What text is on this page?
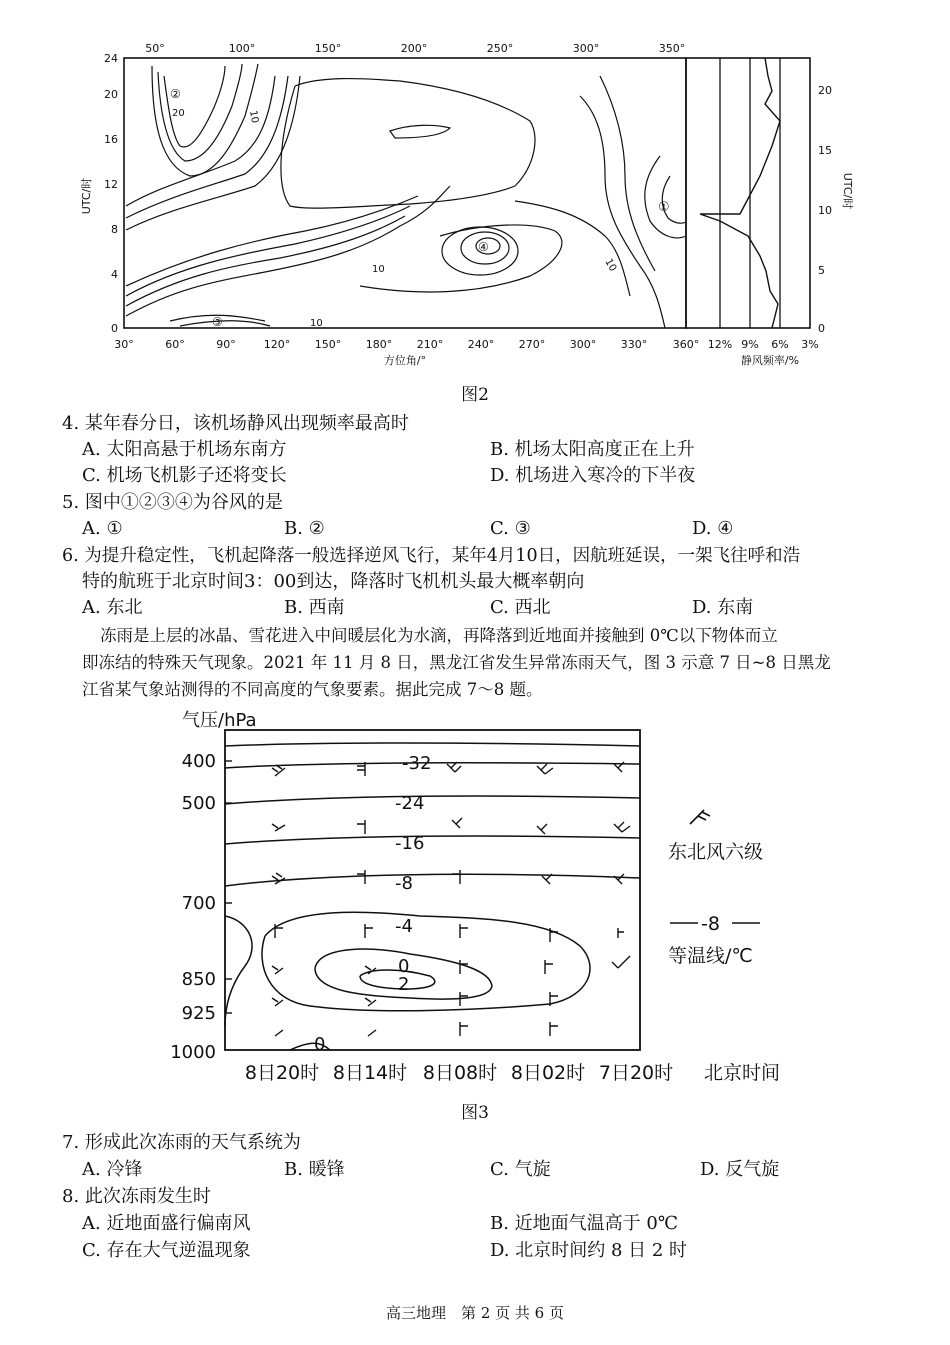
20	10
10	10
10
②
①
③
④
50°	100°	150°	200°	250°	300°	350°
30°	60°	90°	120° 150° 180° 210° 240° 270° 300° 330° 360°
24
20
16
12
8
4
0
UTC/时
20
15
10
5
0
UTC/时
12% 9% 6% 3%
方位角/°	静风频率/%
图2
4. 某年春分日，该机场静风出现频率最高时
A. 太阳高悬于机场东南方	B. 机场太阳高度正在上升
C. 机场飞机影子还将变长	D. 机场进入寒冷的下半夜
5. 图中①②③④为谷风的是
A. ①	B. ②	C. ③	D. ④
6. 为提升稳定性，飞机起降落一般选择逆风飞行，某年4月10日，因航班延误，一架飞往呼和浩
特的航班于北京时间3：00到达，降落时飞机机头最大概率朝向
A. 东北	B. 西南	C. 西北	D. 东南
冻雨是上层的冰晶、雪花进入中间暖层化为水滴，再降落到近地面并接触到 0℃以下物体而立
即冻结的特殊天气现象。2021 年 11 月 8 日，黑龙江省发生异常冻雨天气，图 3 示意 7 日~8 日黑龙
江省某气象站测得的不同高度的气象要素。据此完成 7～8 题。
气压/hPa
400
500
700
850
925
1000
-32
-24
-16
-8
-4
0
2
0
8日20时 8日14时 8日08时 8日02时 7日20时 北京时间
东北风六级
-8
等温线/℃
图3
7. 形成此次冻雨的天气系统为
A. 冷锋	B. 暖锋	C. 气旋	D. 反气旋
8. 此次冻雨发生时
A. 近地面盛行偏南风	B. 近地面气温高于 0℃
C. 存在大气逆温现象	D. 北京时间约 8 日 2 时
高三地理　第 2 页 共 6 页
